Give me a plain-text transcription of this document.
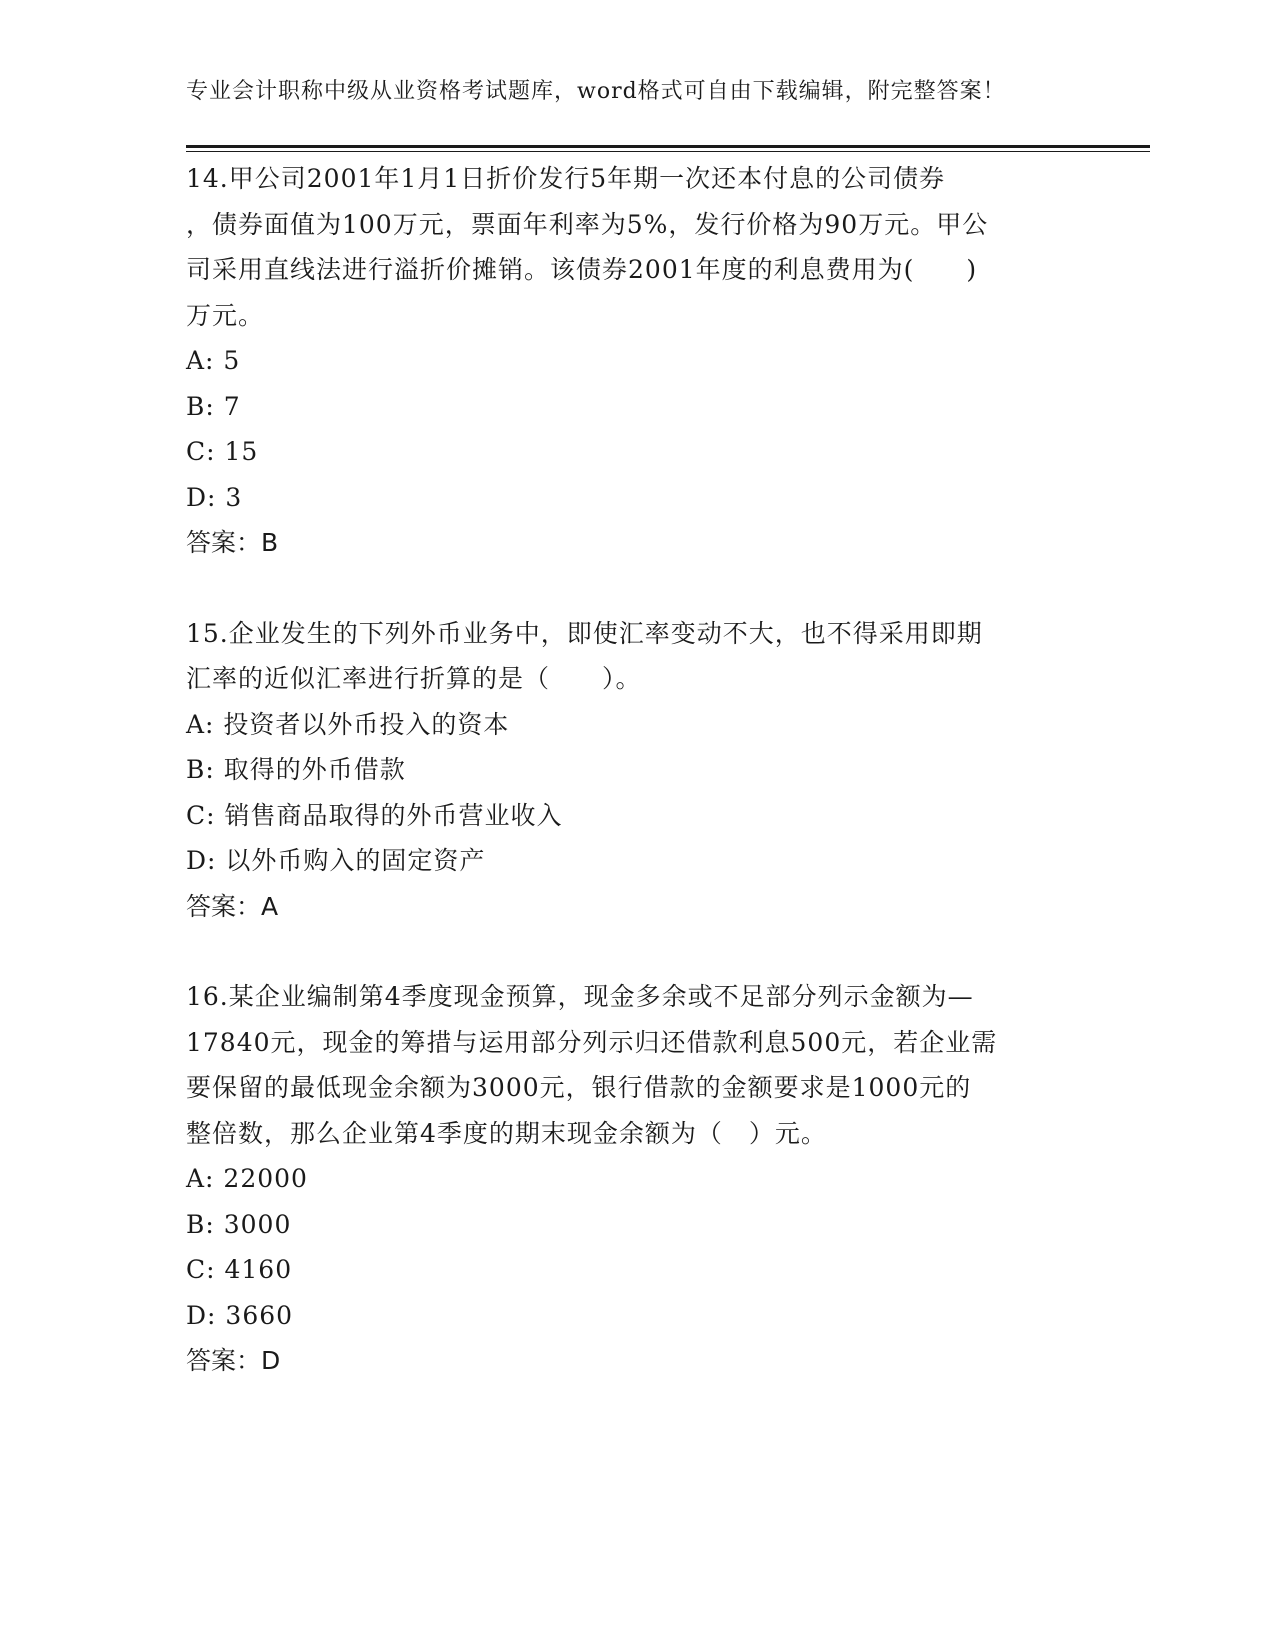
专业会计职称中级从业资格考试题库，word格式可自由下载编辑，附完整答案！

14.甲公司2001年1月1日折价发行5年期一次还本付息的公司债券

，债券面值为100万元，票面年利率为5%，发行价格为90万元。甲公

司采用直线法进行溢折价摊销。该债券2001年度的利息费用为(　　)

万元。

A: 5

B: 7

C: 15

D: 3

答案：B

15.企业发生的下列外币业务中，即使汇率变动不大，也不得采用即期

汇率的近似汇率进行折算的是（　　）。

A: 投资者以外币投入的资本

B: 取得的外币借款

C: 销售商品取得的外币营业收入

D: 以外币购入的固定资产

答案：A

16.某企业编制第4季度现金预算，现金多余或不足部分列示金额为—

17840元，现金的筹措与运用部分列示归还借款利息500元，若企业需

要保留的最低现金余额为3000元，银行借款的金额要求是1000元的

整倍数，那么企业第4季度的期末现金余额为（　）元。

A: 22000

B: 3000

C: 4160

D: 3660

答案：D
